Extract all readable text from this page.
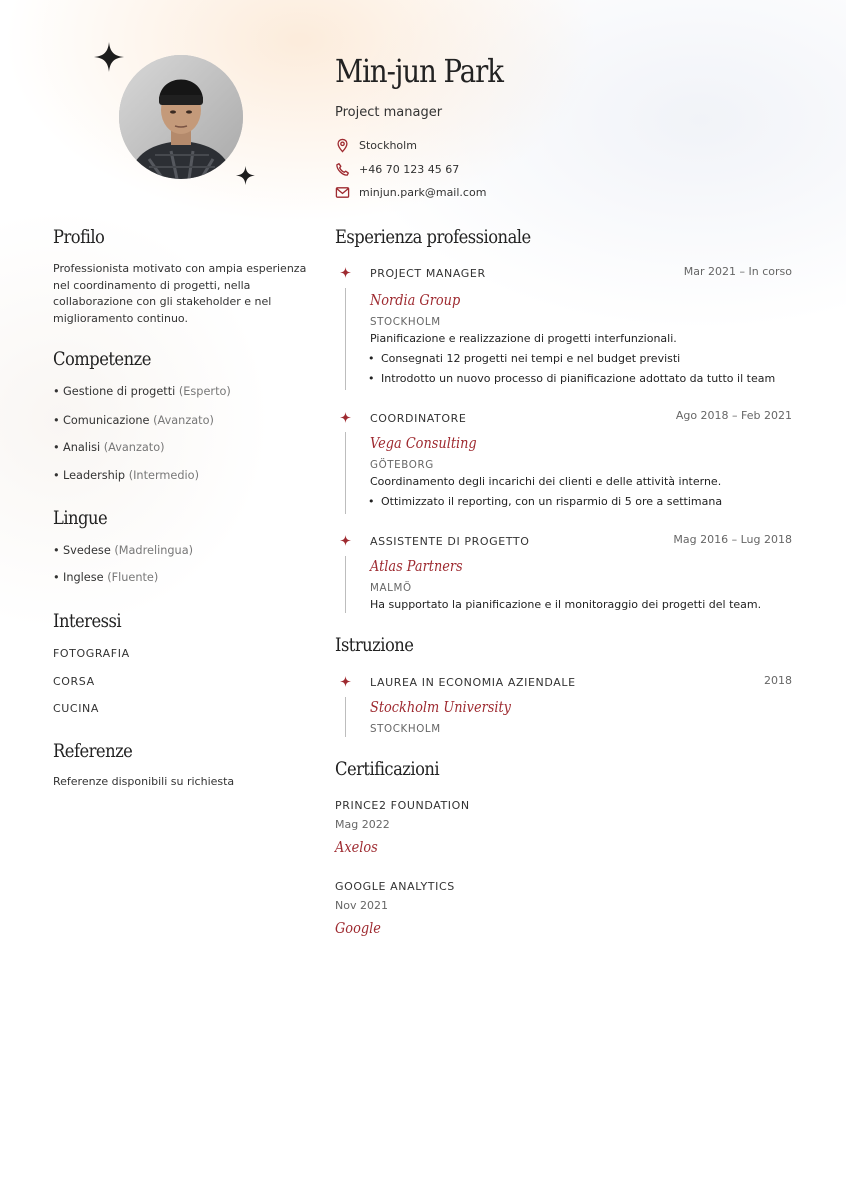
Min-jun Park
Project manager
Stockholm
+46 70 123 45 67
minjun.park@mail.com
Profilo
Professionista motivato con ampia esperienza nel coordinamento di progetti, nella collaborazione con gli stakeholder e nel miglioramento continuo.
Competenze
• Gestione di progetti (Esperto)
• Comunicazione (Avanzato)
• Analisi (Avanzato)
• Leadership (Intermedio)
Lingue
• Svedese (Madrelingua)
• Inglese (Fluente)
Interessi
FOTOGRAFIA
CORSA
CUCINA
Referenze
Referenze disponibili su richiesta
Esperienza professionale
PROJECT MANAGER	Mar 2021 – In corso
Nordia Group
STOCKHOLM
Pianificazione e realizzazione di progetti interfunzionali.
• Consegnati 12 progetti nei tempi e nel budget previsti
• Introdotto un nuovo processo di pianificazione adottato da tutto il team
COORDINATORE	Ago 2018 – Feb 2021
Vega Consulting
GÖTEBORG
Coordinamento degli incarichi dei clienti e delle attività interne.
• Ottimizzato il reporting, con un risparmio di 5 ore a settimana
ASSISTENTE DI PROGETTO	Mag 2016 – Lug 2018
Atlas Partners
MALMÖ
Ha supportato la pianificazione e il monitoraggio dei progetti del team.
Istruzione
LAUREA IN ECONOMIA AZIENDALE	2018
Stockholm University
STOCKHOLM
Certificazioni
PRINCE2 FOUNDATION
Mag 2022
Axelos
GOOGLE ANALYTICS
Nov 2021
Google
